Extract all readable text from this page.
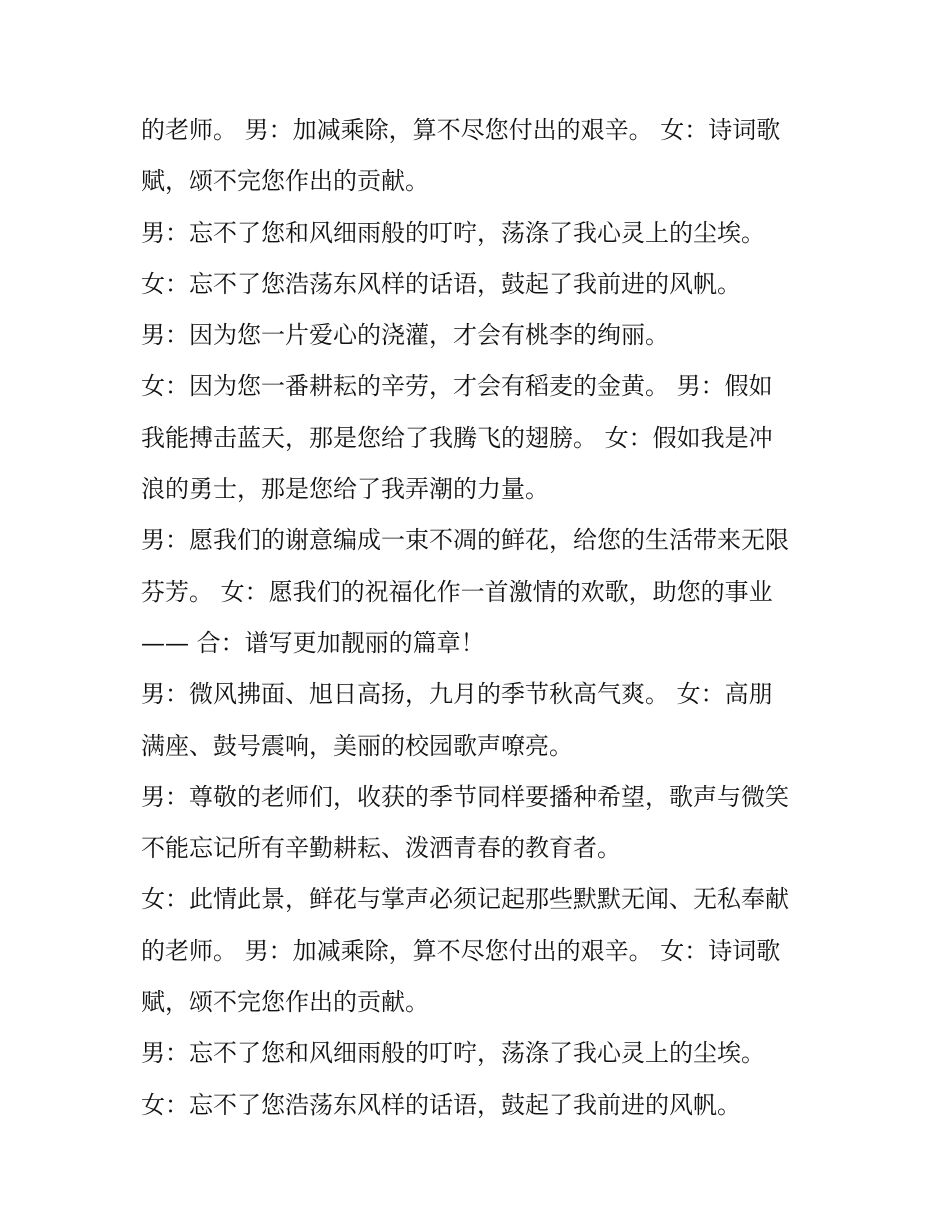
的老师。 男：加减乘除，算不尽您付出的艰辛。 女：诗词歌
赋，颂不完您作出的贡献。
男：忘不了您和风细雨般的叮咛，荡涤了我心灵上的尘埃。
女：忘不了您浩荡东风样的话语，鼓起了我前进的风帆。
男：因为您一片爱心的浇灌，才会有桃李的绚丽。
女：因为您一番耕耘的辛劳，才会有稻麦的金黄。 男：假如
我能搏击蓝天，那是您给了我腾飞的翅膀。 女：假如我是冲
浪的勇士，那是您给了我弄潮的力量。
男：愿我们的谢意编成一束不凋的鲜花，给您的生活带来无限
芬芳。 女：愿我们的祝福化作一首激情的欢歌，助您的事业
—— 合：谱写更加靓丽的篇章！
男：微风拂面、旭日高扬，九月的季节秋高气爽。 女：高朋
满座、鼓号震响，美丽的校园歌声嘹亮。
男：尊敬的老师们，收获的季节同样要播种希望，歌声与微笑
不能忘记所有辛勤耕耘、泼洒青春的教育者。
女：此情此景，鲜花与掌声必须记起那些默默无闻、无私奉献
的老师。 男：加减乘除，算不尽您付出的艰辛。 女：诗词歌
赋，颂不完您作出的贡献。
男：忘不了您和风细雨般的叮咛，荡涤了我心灵上的尘埃。
女：忘不了您浩荡东风样的话语，鼓起了我前进的风帆。
